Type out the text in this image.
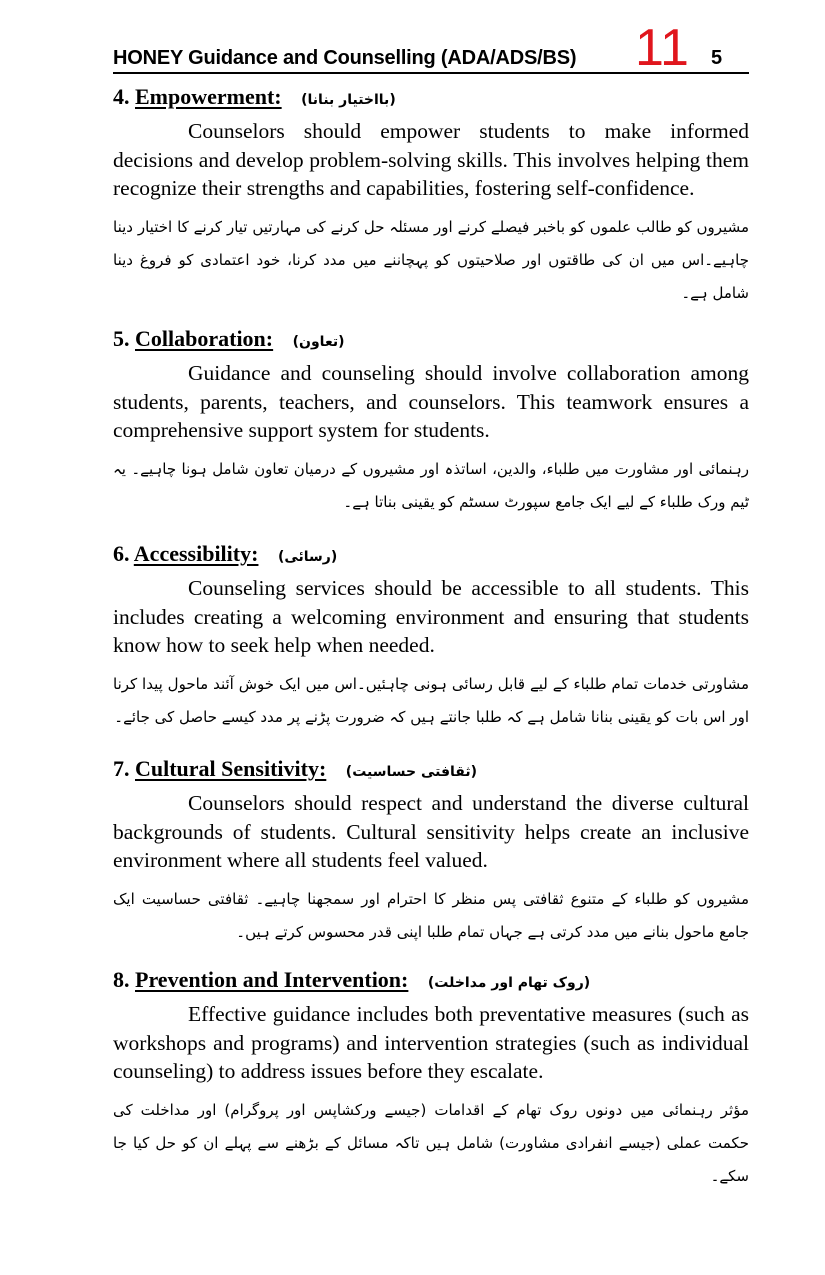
HONEY Guidance and Counselling (ADA/ADS/BS) 11 5
4. Empowerment: (بااختیار بنانا)

Counselors should empower students to make informed decisions and develop problem-solving skills. This involves helping them recognize their strengths and capabilities, fostering self-confidence.

مشیروں کو طالب علموں کو باخبر فیصلے کرنے اور مسئلہ حل کرنے کی مہارتیں تیار کرنے کا اختیار دینا چاہیے۔اس میں ان کی طاقتوں اور صلاحیتوں کو پہچاننے میں مدد کرنا، خود اعتمادی کو فروغ دینا شامل ہے۔

5. Collaboration: (تعاون)

Guidance and counseling should involve collaboration among students, parents, teachers, and counselors. This teamwork ensures a comprehensive support system for students.

رہنمائی اور مشاورت میں طلباء، والدین، اساتذہ اور مشیروں کے درمیان تعاون شامل ہونا چاہیے۔ یہ ٹیم ورک طلباء کے لیے ایک جامع سپورٹ سسٹم کو یقینی بناتا ہے۔

6. Accessibility: (رسائی)

Counseling services should be accessible to all students. This includes creating a welcoming environment and ensuring that students know how to seek help when needed.

مشاورتی خدمات تمام طلباء کے لیے قابل رسائی ہونی چاہئیں۔اس میں ایک خوش آئند ماحول پیدا کرنا اور اس بات کو یقینی بنانا شامل ہے کہ طلبا جانتے ہیں کہ ضرورت پڑنے پر مدد کیسے حاصل کی جائے۔

7. Cultural Sensitivity: (ثقافتی حساسیت)

Counselors should respect and understand the diverse cultural backgrounds of students. Cultural sensitivity helps create an inclusive environment where all students feel valued.

مشیروں کو طلباء کے متنوع ثقافتی پس منظر کا احترام اور سمجھنا چاہیے۔ ثقافتی حساسیت ایک جامع ماحول بنانے میں مدد کرتی ہے جہاں تمام طلبا اپنی قدر محسوس کرتے ہیں۔

8. Prevention and Intervention: (روک تھام اور مداخلت)

Effective guidance includes both preventative measures (such as workshops and programs) and intervention strategies (such as individual counseling) to address issues before they escalate.

مؤثر رہنمائی میں دونوں روک تھام کے اقدامات (جیسے ورکشاپس اور پروگرام) اور مداخلت کی حکمت عملی (جیسے انفرادی مشاورت) شامل ہیں تاکہ مسائل کے بڑھنے سے پہلے ان کو حل کیا جا سکے۔
